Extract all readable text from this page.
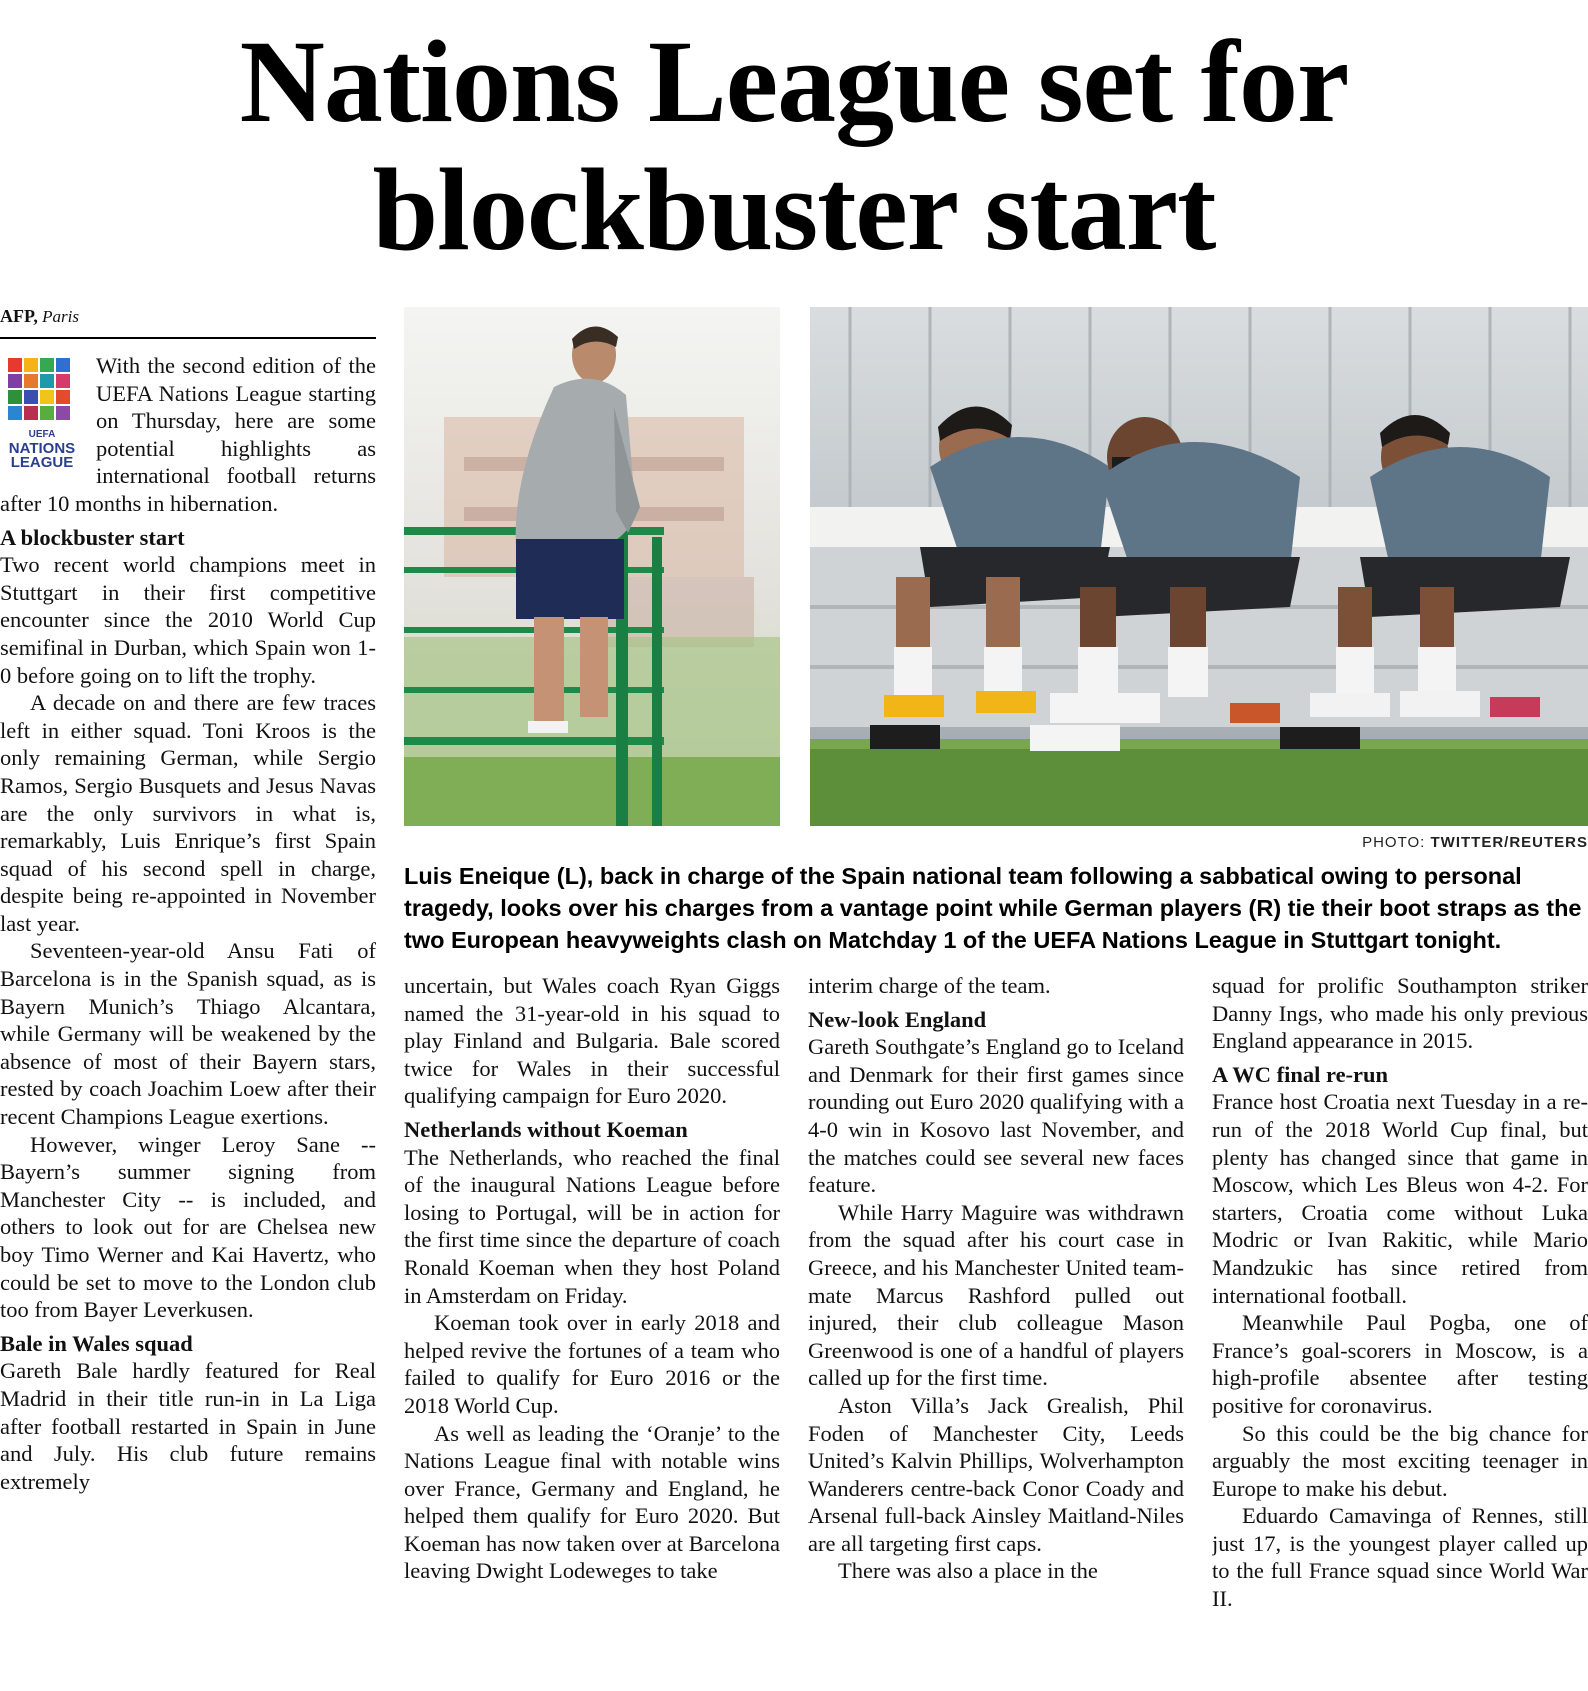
Nations League set for blockbuster start
AFP, Paris
PHOTO: TWITTER/REUTERS
Luis Eneique (L), back in charge of the Spain national team following a sabbatical owing to personal tragedy, looks over his charges from a vantage point while German players (R) tie their boot straps as the two European heavyweights clash on Matchday 1 of the UEFA Nations League in Stuttgart tonight.
UEFA
NATIONS
LEAGUE

With the second edition of the UEFA Nations League starting on Thursday, here are some potential highlights as international football returns after 10 months in hibernation.

A blockbuster start

Two recent world champions meet in Stuttgart in their first competitive encounter since the 2010 World Cup semifinal in Durban, which Spain won 1-0 before going on to lift the trophy.

A decade on and there are few traces left in either squad. Toni Kroos is the only remaining German, while Sergio Ramos, Sergio Busquets and Jesus Navas are the only survivors in what is, remarkably, Luis Enrique’s first Spain squad of his second spell in charge, despite being re-appointed in November last year.

Seventeen-year-old Ansu Fati of Barcelona is in the Spanish squad, as is Bayern Munich’s Thiago Alcantara, while Germany will be weakened by the absence of most of their Bayern stars, rested by coach Joachim Loew after their recent Champions League exertions.

However, winger Leroy Sane -- Bayern’s summer signing from Manchester City -- is included, and others to look out for are Chelsea new boy Timo Werner and Kai Havertz, who could be set to move to the London club too from Bayer Leverkusen.

Bale in Wales squad

Gareth Bale hardly featured for Real Madrid in their title run-in in La Liga after football restarted in Spain in June and July. His club future remains extremely

uncertain, but Wales coach Ryan Giggs named the 31-year-old in his squad to play Finland and Bulgaria. Bale scored twice for Wales in their successful qualifying campaign for Euro 2020.

Netherlands without Koeman

The Netherlands, who reached the final of the inaugural Nations League before losing to Portugal, will be in action for the first time since the departure of coach Ronald Koeman when they host Poland in Amsterdam on Friday.

Koeman took over in early 2018 and helped revive the fortunes of a team who failed to qualify for Euro 2016 or the 2018 World Cup.

As well as leading the ‘Oranje’ to the Nations League final with notable wins over France, Germany and England, he helped them qualify for Euro 2020. But Koeman has now taken over at Barcelona leaving Dwight Lodeweges to take

interim charge of the team.

New-look England

Gareth Southgate’s England go to Iceland and Denmark for their first games since rounding out Euro 2020 qualifying with a 4-0 win in Kosovo last November, and the matches could see several new faces feature.

While Harry Maguire was withdrawn from the squad after his court case in Greece, and his Manchester United team-mate Marcus Rashford pulled out injured, their club colleague Mason Greenwood is one of a handful of players called up for the first time.

Aston Villa’s Jack Grealish, Phil Foden of Manchester City, Leeds United’s Kalvin Phillips, Wolverhampton Wanderers centre-back Conor Coady and Arsenal full-back Ainsley Maitland-Niles are all targeting first caps.

There was also a place in the

squad for prolific Southampton striker Danny Ings, who made his only previous England appearance in 2015.

A WC final re-run

France host Croatia next Tuesday in a re-run of the 2018 World Cup final, but plenty has changed since that game in Moscow, which Les Bleus won 4-2. For starters, Croatia come without Luka Modric or Ivan Rakitic, while Mario Mandzukic has since retired from international football.

Meanwhile Paul Pogba, one of France’s goal-scorers in Moscow, is a high-profile absentee after testing positive for coronavirus.

So this could be the big chance for arguably the most exciting teenager in Europe to make his debut.

Eduardo Camavinga of Rennes, still just 17, is the youngest player called up to the full France squad since World War II.
